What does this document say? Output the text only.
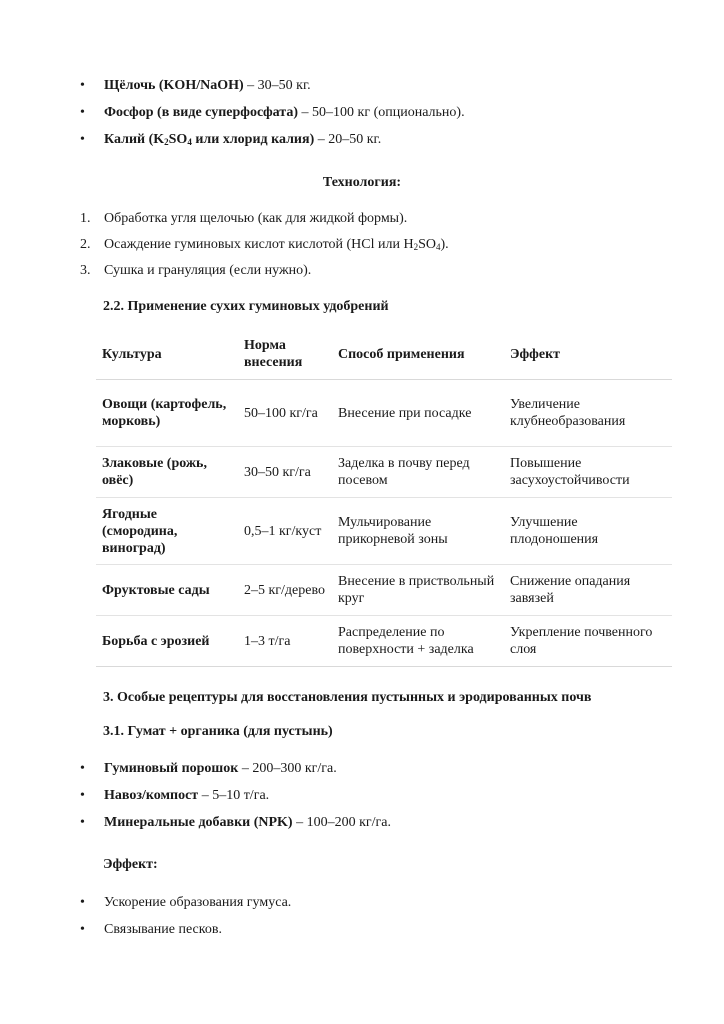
• Щёлочь (KOH/NaOH) – 30–50 кг.
• Фосфор (в виде суперфосфата) – 50–100 кг (опционально).
• Калий ($K_2SO_4$ или хлорид калия) – 20–50 кг.
Технология:
1. Обработка угля щелочью (как для жидкой формы).
2. Осаждение гуминовых кислот кислотой (HCl или $H_2SO_4$).
3. Сушка и грануляция (если нужно).
2.2. Применение сухих гуминовых удобрений
Культура	Норма внесения	Способ применения	Эффект
Овощи (картофель, морковь)	50–100 кг/га	Внесение при посадке	Увеличение клубнеобразования
Злаковые (рожь, овёс)	30–50 кг/га	Заделка в почву перед посевом	Повышение засухоустойчивости
Ягодные (смородина, виноград)	0,5–1 кг/куст	Мульчирование прикорневой зоны	Улучшение плодоношения
Фруктовые сады	2–5 кг/дерево	Внесение в приствольный круг	Снижение опадания завязей
Борьба с эрозией	1–3 т/га	Распределение по поверхности + заделка	Укрепление почвенного слоя
3. Особые рецептуры для восстановления пустынных и эродированных почв
3.1. Гумат + органика (для пустынь)
• Гуминовый порошок – 200–300 кг/га.
• Навоз/компост – 5–10 т/га.
• Минеральные добавки (NPK) – 100–200 кг/га.
Эффект:
• Ускорение образования гумуса.
• Связывание песков.
